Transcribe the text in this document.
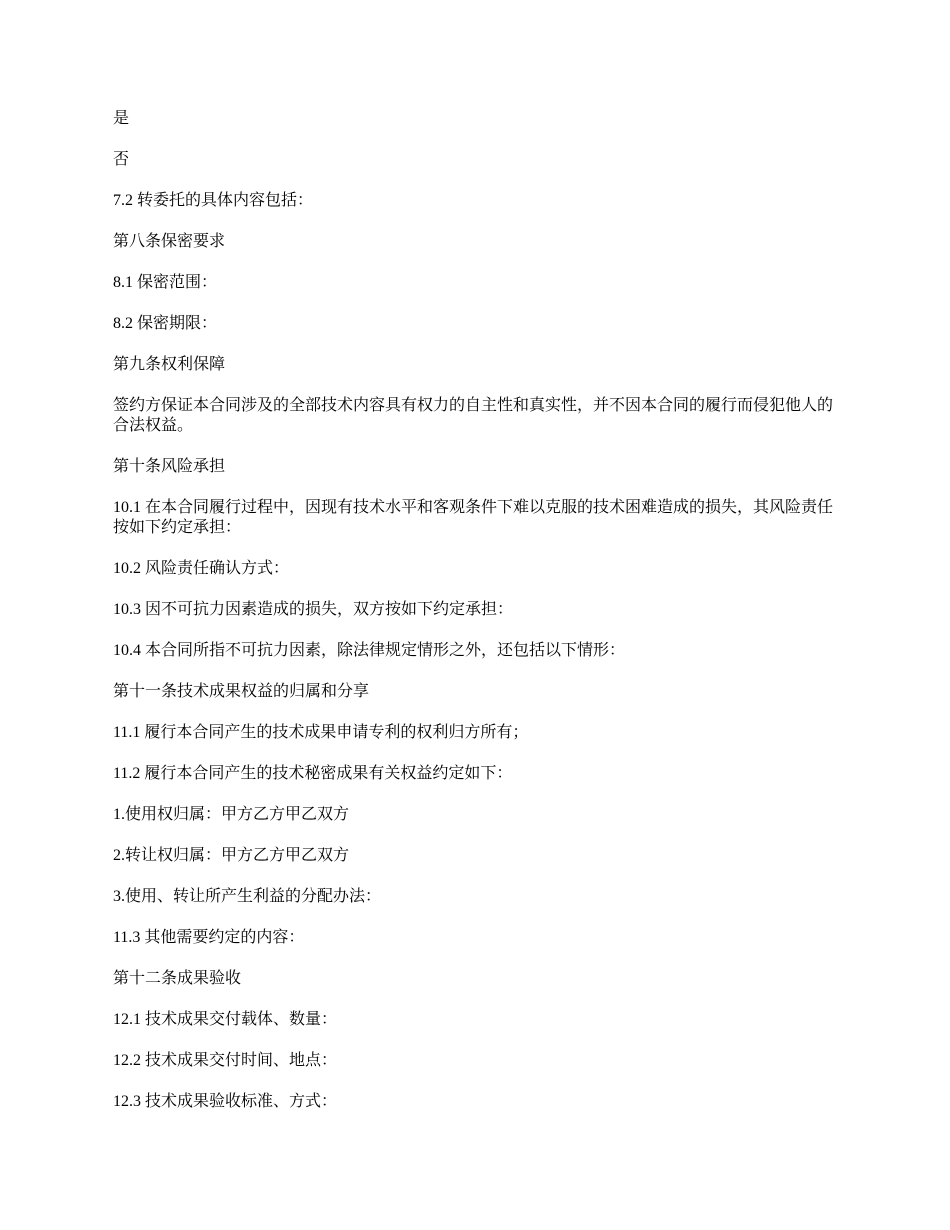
是

否

7.2 转委托的具体内容包括：

第八条保密要求

8.1 保密范围：

8.2 保密期限：

第九条权利保障

签约方保证本合同涉及的全部技术内容具有权力的自主性和真实性，并不因本合同的履行而侵犯他人的合法权益。

第十条风险承担

10.1 在本合同履行过程中，因现有技术水平和客观条件下难以克服的技术困难造成的损失，其风险责任按如下约定承担：

10.2 风险责任确认方式：

10.3 因不可抗力因素造成的损失，双方按如下约定承担：

10.4 本合同所指不可抗力因素，除法律规定情形之外，还包括以下情形：

第十一条技术成果权益的归属和分享

11.1 履行本合同产生的技术成果申请专利的权利归方所有；

11.2 履行本合同产生的技术秘密成果有关权益约定如下：

1.使用权归属：甲方乙方甲乙双方

2.转让权归属：甲方乙方甲乙双方

3.使用、转让所产生利益的分配办法：

11.3 其他需要约定的内容：

第十二条成果验收

12.1 技术成果交付载体、数量：

12.2 技术成果交付时间、地点：

12.3 技术成果验收标准、方式：
